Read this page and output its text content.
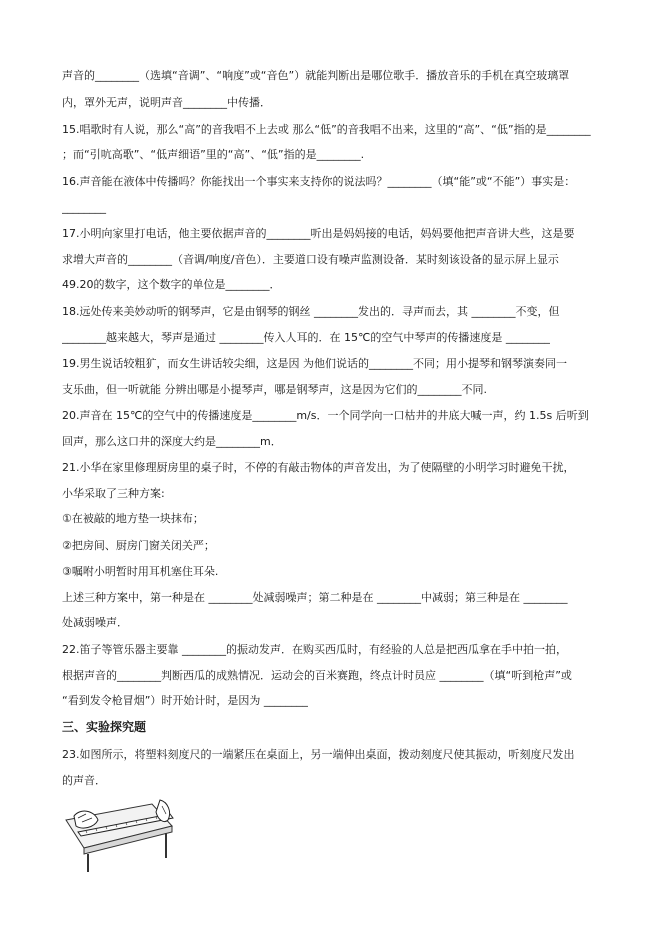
声音的________（选填“音调”、“响度”或“音色”）就能判断出是哪位歌手．播放音乐的手机在真空玻璃罩
内，罩外无声，说明声音________中传播．
15.唱歌时有人说，那么“高”的音我唱不上去或 那么“低”的音我唱不出来，这里的“高”、“低”指的是________
；而“引吭高歌”、“低声细语”里的“高”、“低”指的是________.
16.声音能在液体中传播吗？你能找出一个事实来支持你的说法吗？________（填“能”或“不能”）事实是：
________
17.小明向家里打电话，他主要依据声音的________听出是妈妈接的电话，妈妈要他把声音讲大些，这是要
求增大声音的________（音调/响度/音色）．主要道口设有噪声监测设备．某时刻该设备的显示屏上显示
49.20的数字，这个数字的单位是________．
18.远处传来美妙动听的钢琴声，它是由钢琴的钢丝 ________发出的．寻声而去，其 ________不变，但
________越来越大，琴声是通过 ________传入人耳的．在 15℃的空气中琴声的传播速度是 ________
19.男生说话较粗犷，而女生讲话较尖细，这是因 为他们说话的________不同；用小提琴和钢琴演奏同一
支乐曲，但一听就能 分辨出哪是小提琴声，哪是钢琴声，这是因为它们的________不同.
20.声音在 15℃的空气中的传播速度是________m/s．一个同学向一口枯井的井底大喊一声，约 1.5s 后听到
回声，那么这口井的深度大约是________m．
21.小华在家里修理厨房里的桌子时，不停的有敲击物体的声音发出，为了使隔壁的小明学习时避免干扰，
小华采取了三种方案:
①在被敲的地方垫一块抹布；
②把房间、厨房门窗关闭关严；
③嘱咐小明暂时用耳机塞住耳朵.
上述三种方案中，第一种是在 ________处减弱噪声；第二种是在 ________中减弱；第三种是在 ________
处减弱噪声．
22.笛子等管乐器主要靠 ________的振动发声．在购买西瓜时，有经验的人总是把西瓜拿在手中拍一拍，
根据声音的________判断西瓜的成熟情况．运动会的百米赛跑，终点计时员应 ________（填“听到枪声”或
“看到发令枪冒烟”）时开始计时，是因为 ________
三、实验探究题
23.如图所示，将塑料刻度尺的一端紧压在桌面上，另一端伸出桌面，拨动刻度尺使其振动，听刻度尺发出
的声音．
